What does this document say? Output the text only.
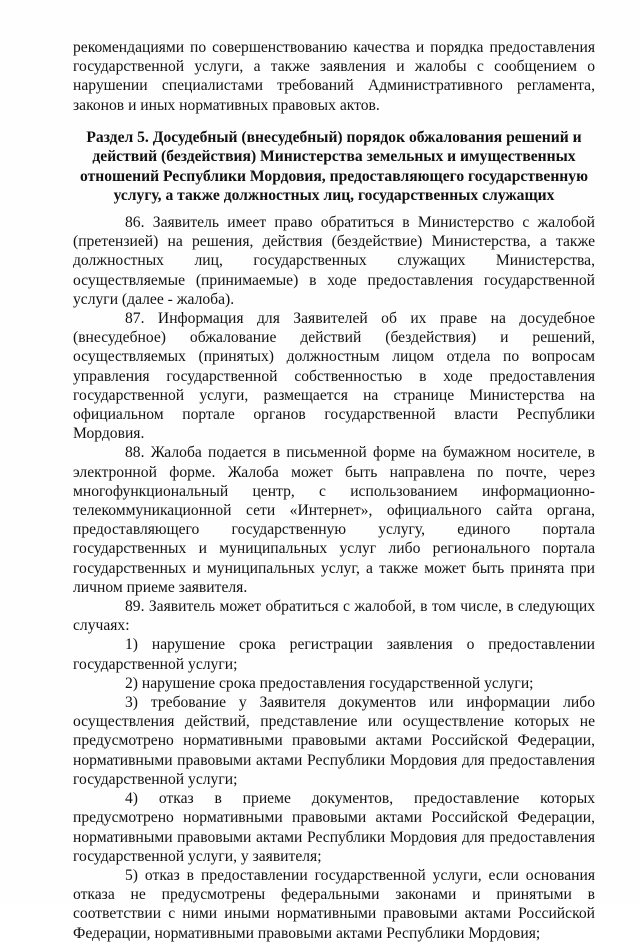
рекомендациями по совершенствованию качества и порядка предоставления государственной услуги, а также заявления и жалобы с сообщением о нарушении специалистами требований Административного регламента, законов и иных нормативных правовых актов.

Раздел 5. Досудебный (внесудебный) порядок обжалования решений и действий (бездействия) Министерства земельных и имущественных отношений Республики Мордовия, предоставляющего государственную услугу, а также должностных лиц, государственных служащих

86. Заявитель имеет право обратиться в Министерство с жалобой (претензией) на решения, действия (бездействие) Министерства, а также должностных лиц, государственных служащих Министерства, осуществляемые (принимаемые) в ходе предоставления государственной услуги (далее - жалоба).

87. Информация для Заявителей об их праве на досудебное (внесудебное) обжалование действий (бездействия) и решений, осуществляемых (принятых) должностным лицом отдела по вопросам управления государственной собственностью в ходе предоставления государственной услуги, размещается на странице Министерства на официальном портале органов государственной власти Республики Мордовия.

88. Жалоба подается в письменной форме на бумажном носителе, в электронной форме. Жалоба может быть направлена по почте, через многофункциональный центр, с использованием информационно-телекоммуникационной сети «Интернет», официального сайта органа, предоставляющего государственную услугу, единого портала государственных и муниципальных услуг либо регионального портала государственных и муниципальных услуг, а также может быть принята при личном приеме заявителя.

89. Заявитель может обратиться с жалобой, в том числе, в следующих случаях:

1) нарушение срока регистрации заявления о предоставлении государственной услуги;

2) нарушение срока предоставления государственной услуги;

3) требование у Заявителя документов или информации либо осуществления действий, представление или осуществление которых не предусмотрено нормативными правовыми актами Российской Федерации, нормативными правовыми актами Республики Мордовия для предоставления государственной услуги;

4) отказ в приеме документов, предоставление которых предусмотрено нормативными правовыми актами Российской Федерации, нормативными правовыми актами Республики Мордовия для предоставления государственной услуги, у заявителя;

5) отказ в предоставлении государственной услуги, если основания отказа не предусмотрены федеральными законами и принятыми в соответствии с ними иными нормативными правовыми актами Российской Федерации, нормативными правовыми актами Республики Мордовия;
